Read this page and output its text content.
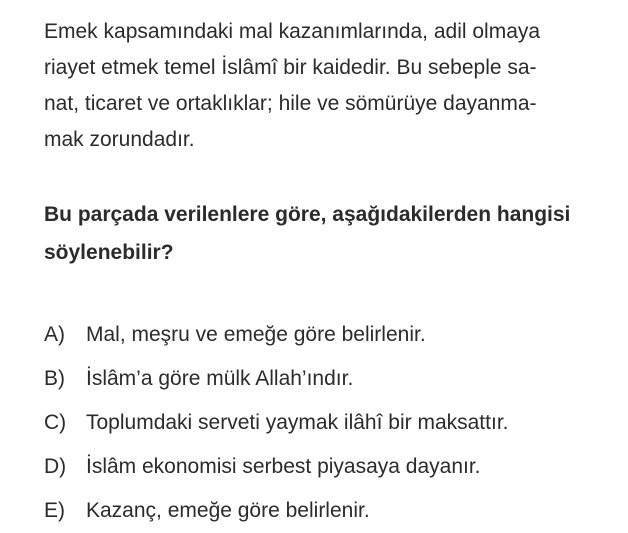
Emek kapsamındaki mal kazanımlarında, adil olmaya
riayet etmek temel İslâmî bir kaidedir. Bu sebeple sa-
nat, ticaret ve ortaklıklar; hile ve sömürüye dayanma-
mak zorundadır.
Bu parçada verilenlere göre, aşağıdakilerden hangisi
söylenebilir?
A)	Mal, meşru ve emeğe göre belirlenir.
B)	İslâm’a göre mülk Allah’ındır.
C) Toplumdaki serveti yaymak ilâhî bir maksattır.
D) İslâm ekonomisi serbest piyasaya dayanır.
E)	Kazanç, emeğe göre belirlenir.
